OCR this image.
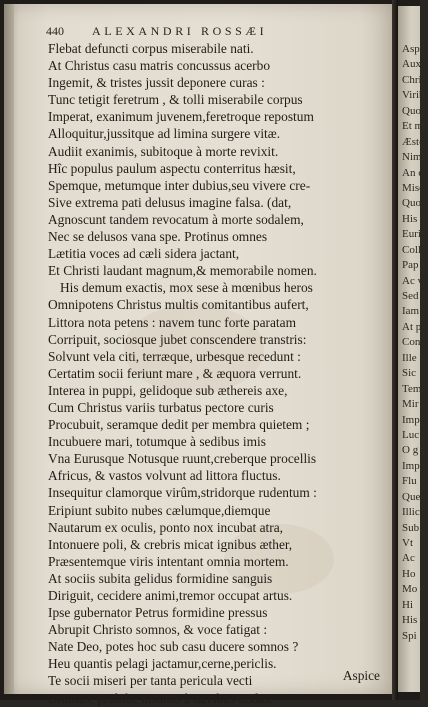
440 ALEXANDRI ROSSÆI
Flebat defuncti corpus miserabile nati.
At Christus casu matris concussus acerbo
Ingemit, & tristes jussit deponere curas :
Tunc tetigit feretrum , & tolli miserabile corpus
Imperat, exanimum juvenem,feretroque repostum
Alloquitur,jussitque ad limina surgere vitæ.
Audiit exanimis, subitoque à morte revixit.
Hîc populus paulum aspectu conterritus hæsit,
Spemque, metumque inter dubius,seu vivere cre-
Sive extrema pati delusus imagine falsa. (dat,
Agnoscunt tandem revocatum à morte sodalem,
Nec se delusos vana spe. Protinus omnes
Lætitia voces ad cæli sidera jactant,
Et Christi laudant magnum,& memorabile nomen.
His demum exactis, mox sese à mœnibus heros
Omnipotens Christus multis comitantibus aufert,
Littora nota petens : navem tunc forte paratam
Corripuit, sociosque jubet conscendere transtris:
Solvunt vela citi, terræque, urbesque recedunt :
Certatim socii feriunt mare , & æquora verrunt.
Interea in puppi, gelidoque sub æthereis axe,
Cum Christus variis turbatus pectore curis
Procubuit, seramque dedit per membra quietem ;
Incubuere mari, totumque à sedibus imis
Vna Eurusque Notusque ruunt,creberque procellis
Africus, & vastos volvunt ad littora fluctus.
Insequitur clamorque virûm,stridorque rudentum :
Eripiunt subito nubes cælumque,diemque
Nautarum ex oculis, ponto nox incubat atra,
Intonuere poli, & crebris micat ignibus æther,
Præsentemque viris intentant omnia mortem.
At sociis subita gelidus formidine sanguis
Diriguit, cecidere animi,tremor occupat artus.
Ipse gubernator Petrus formidine pressus
Abrupit Christo somnos, & voce fatigat :
Nate Deo, potes hoc sub casu ducere somnos ?
Heu quantis pelagi jactamur,cerne,periclis.
Te socii miseri per tanta pericula vecti
Oramus, prohibe insanas à navibus undas.
Aspice
Aspic
Auxil
Chrif
Virib
Quo
Et m
Æste
Nim
An c
Misc
Quo
His t
Euri
Coll
Pap
Ac v
Sed
Iam
At p
Con
Ille
Sic
Tem
Mir
Imp
Luc
O g
Imp
Flu
Que
Illic
Sub
Vt
Ac
Ho
Mo
Hi
His
Spi
